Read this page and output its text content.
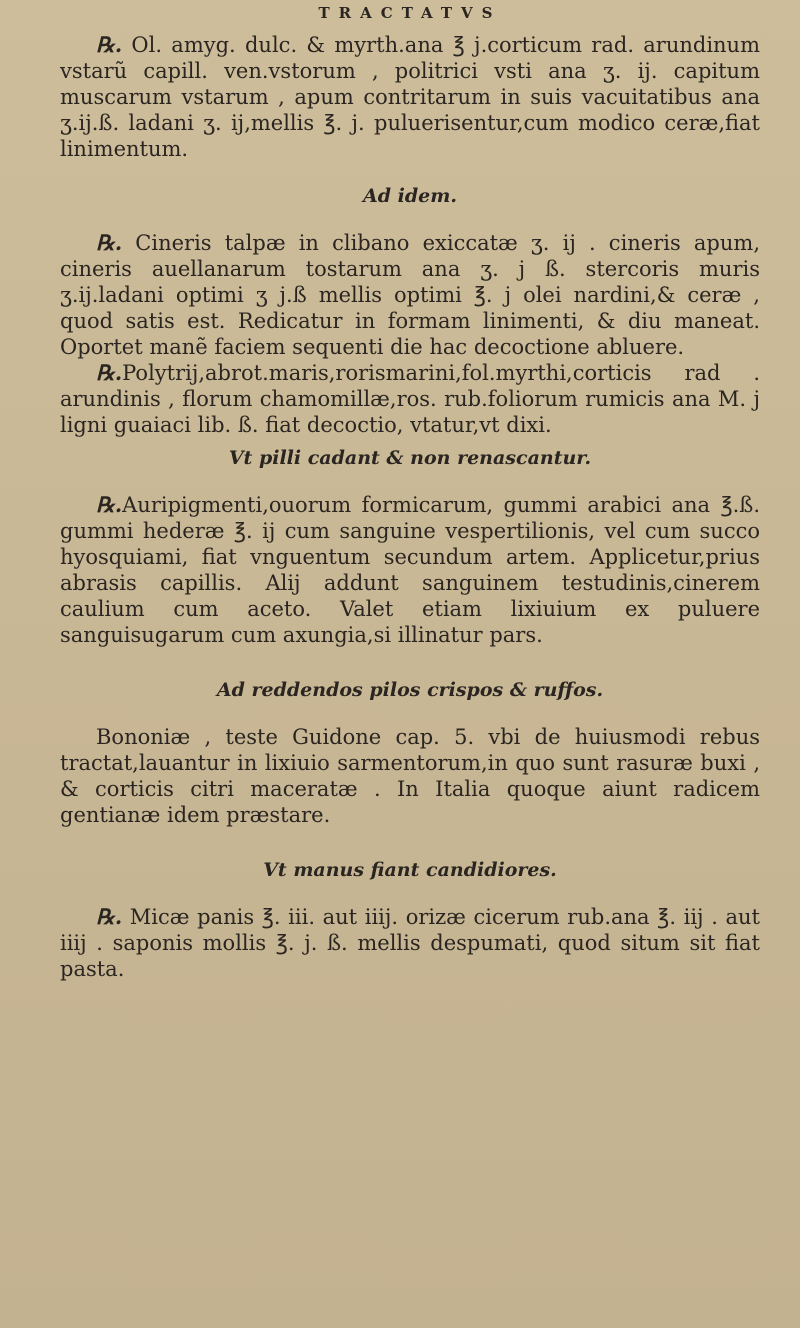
TRACTATVS

℞. Ol. amyg. dulc. & myrth.ana ℥ j.corticum rad. arundinum vstarũ capill. ven.vstorum , politrici vsti ana ʒ. ij. capitum muscarum vstarum , apum contritarum in suis vacuitatibus ana ʒ.ij.ß. ladani ʒ. ij,mellis ℥. j. puluerisentur,cum modico ceræ,fiat linimentum.

Ad idem.

℞. Cineris talpæ in clibano exiccatæ ʒ. ij . cineris apum, cineris auellanarum tostarum ana ʒ. j ß. stercoris muris ʒ.ij.ladani optimi ʒ j.ß mellis optimi ℥. j olei nardini,& ceræ , quod satis est. Redicatur in formam linimenti, & diu maneat. Oportet manẽ faciem sequenti die hac decoctione abluere.

℞.Polytrij,abrot.maris,rorismarini,fol.myrthi,corticis rad . arundinis , florum chamomillæ,ros. rub.foliorum rumicis ana M. j ligni guaiaci lib. ß. fiat decoctio, vtatur,vt dixi.

Vt pilli cadant & non renascantur.

℞.Auripigmenti,ouorum formicarum, gummi arabici ana ℥.ß. gummi hederæ ℥. ij cum sanguine vespertilionis, vel cum succo hyosquiami, fiat vnguentum secundum artem. Applicetur,prius abrasis capillis. Alij addunt sanguinem testudinis,cinerem caulium cum aceto. Valet etiam lixiuium ex puluere sanguisugarum cum axungia,si illinatur pars.

Ad reddendos pilos crispos & ruffos.

Bononiæ , teste Guidone cap. 5. vbi de huiusmodi rebus tractat,lauantur in lixiuio sarmentorum,in quo sunt rasuræ buxi , & corticis citri maceratæ . In Italia quoque aiunt radicem gentianæ idem præstare.

Vt manus fiant candidiores.

℞. Micæ panis ℥. iii. aut iiij. orizæ cicerum rub.ana ℥. iij . aut iiij . saponis mollis ℥. j. ß. mellis despumati, quod situm sit fiat pasta.
